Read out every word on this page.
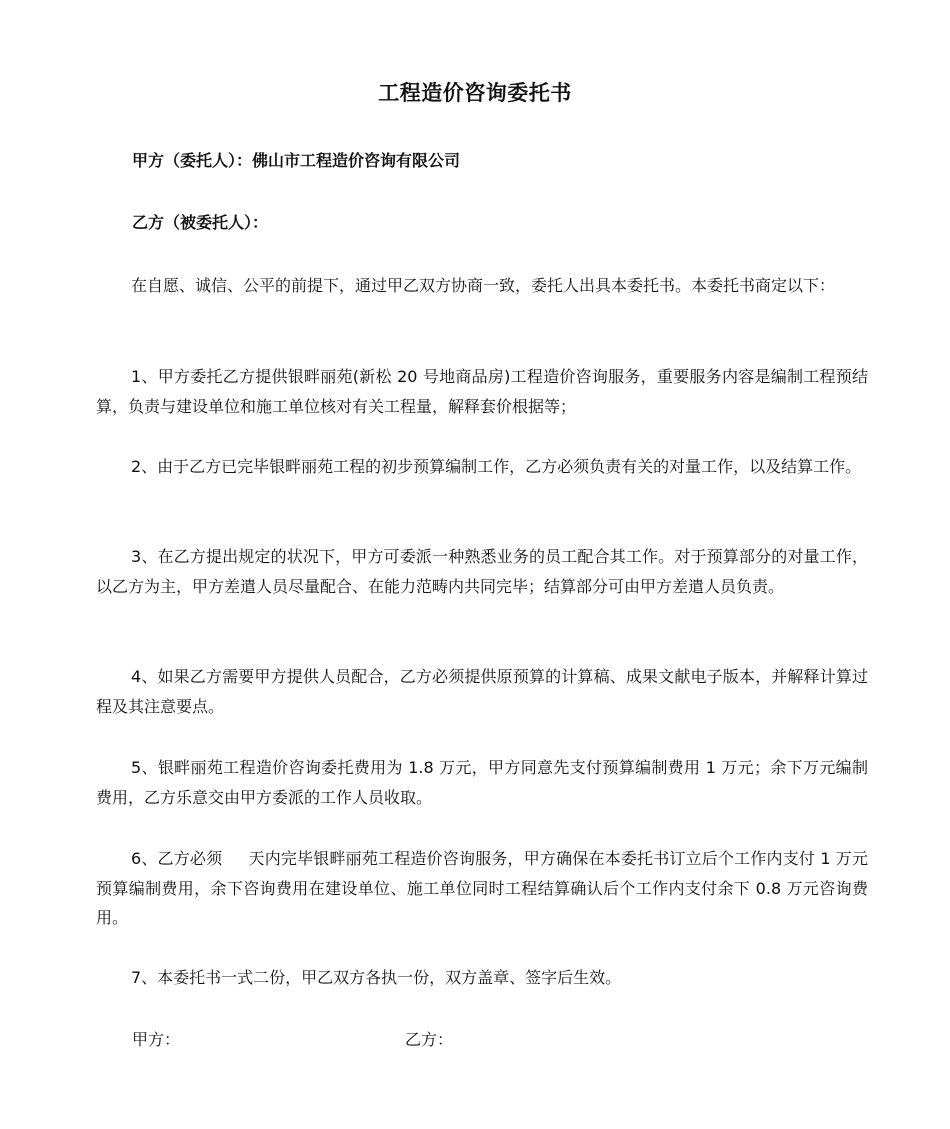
工程造价咨询委托书
甲方（委托人）：佛山市工程造价咨询有限公司
乙方（被委托人）：
在自愿、诚信、公平的前提下，通过甲乙双方协商一致，委托人出具本委托书。本委托书商定以下：
1、甲方委托乙方提供银畔丽苑(新松 20 号地商品房)工程造价咨询服务，重要服务内容是编制工程预结算，负责与建设单位和施工单位核对有关工程量，解释套价根据等；
2、由于乙方已完毕银畔丽苑工程的初步预算编制工作，乙方必须负责有关的对量工作，以及结算工作。
3、在乙方提出规定的状况下，甲方可委派一种熟悉业务的员工配合其工作。对于预算部分的对量工作，以乙方为主，甲方差遣人员尽量配合、在能力范畴内共同完毕；结算部分可由甲方差遣人员负责。
4、如果乙方需要甲方提供人员配合，乙方必须提供原预算的计算稿、成果文献电子版本，并解释计算过程及其注意要点。
5、银畔丽苑工程造价咨询委托费用为 1.8 万元，甲方同意先支付预算编制费用 1 万元；余下万元编制费用，乙方乐意交由甲方委派的工作人员收取。
6、乙方必须 天内完毕银畔丽苑工程造价咨询服务，甲方确保在本委托书订立后个工作内支付 1 万元预算编制费用，余下咨询费用在建设单位、施工单位同时工程结算确认后个工作内支付余下 0.8 万元咨询费用。
7、本委托书一式二份，甲乙双方各执一份，双方盖章、签字后生效。
甲方：	乙方：
